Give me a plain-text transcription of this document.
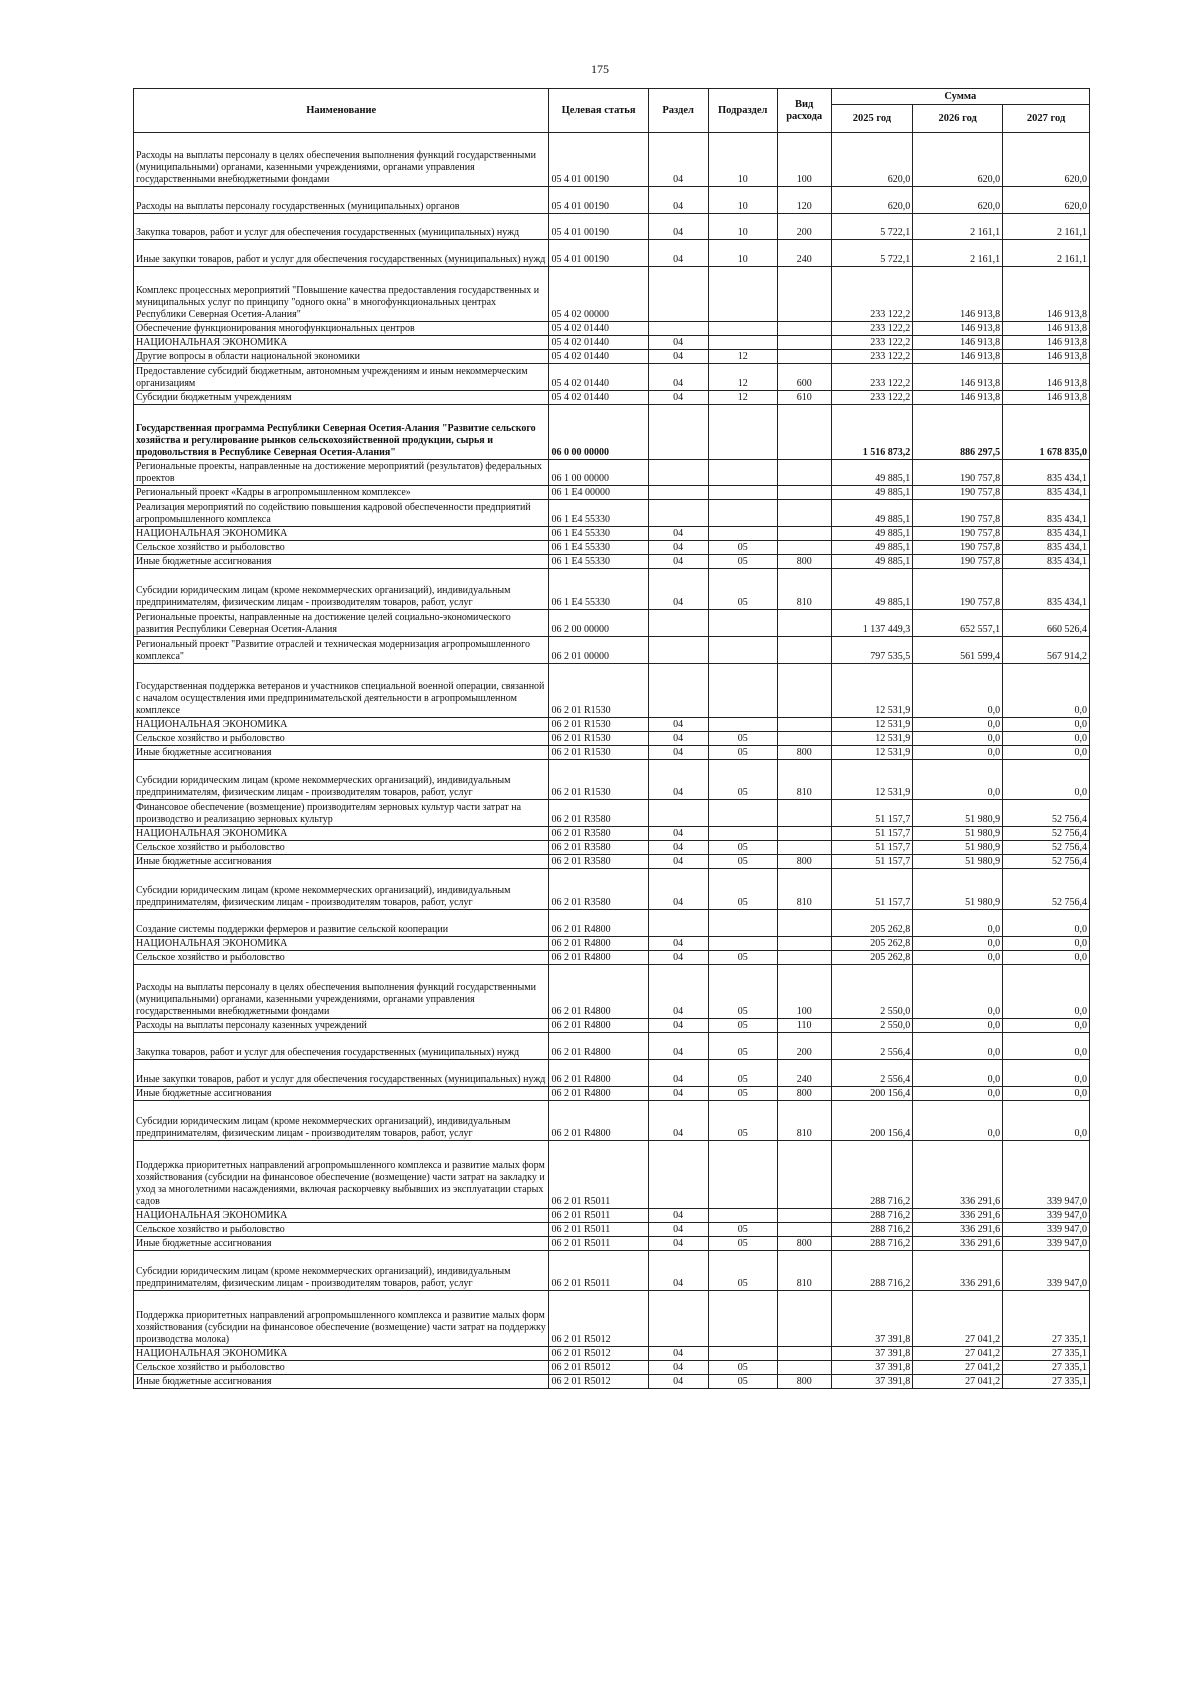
175
Наименование	Целевая статья	Раздел	Подраздел	Вид расхода	Сумма		
					2025 год	2026 год	2027 год
Расходы на выплаты персоналу в целях обеспечения выполнения функций государственными (муниципальными) органами, казенными учреждениями, органами управления государственными внебюджетными фондами	05 4 01 00190	04	10	100	620,0	620,0	620,0
Расходы на выплаты персоналу государственных (муниципальных) органов	05 4 01 00190	04	10	120	620,0	620,0	620,0
Закупка товаров, работ и услуг для обеспечения государственных (муниципальных) нужд	05 4 01 00190	04	10	200	5 722,1	2 161,1	2 161,1
Иные закупки товаров, работ и услуг для обеспечения государственных (муниципальных) нужд	05 4 01 00190	04	10	240	5 722,1	2 161,1	2 161,1
Комплекс процессных мероприятий "Повышение качества предоставления государственных и муниципальных услуг по принципу "одного окна" в многофункциональных центрах Республики Северная Осетия-Алания"	05 4 02 00000				233 122,2	146 913,8	146 913,8
Обеспечение функционирования многофункциональных центров	05 4 02 01440				233 122,2	146 913,8	146 913,8
НАЦИОНАЛЬНАЯ ЭКОНОМИКА	05 4 02 01440	04			233 122,2	146 913,8	146 913,8
Другие вопросы в области национальной экономики	05 4 02 01440	04	12		233 122,2	146 913,8	146 913,8
Предоставление субсидий бюджетным, автономным учреждениям и иным некоммерческим организациям	05 4 02 01440	04	12	600	233 122,2	146 913,8	146 913,8
Субсидии бюджетным учреждениям	05 4 02 01440	04	12	610	233 122,2	146 913,8	146 913,8
Государственная программа Республики Северная Осетия-Алания "Развитие сельского хозяйства и регулирование рынков сельскохозяйственной продукции, сырья и продовольствия в Республике Северная Осетия-Алания"	06 0 00 00000				1 516 873,2	886 297,5	1 678 835,0
Региональные проекты, направленные на достижение мероприятий (результатов) федеральных проектов	06 1 00 00000				49 885,1	190 757,8	835 434,1
Региональный проект «Кадры в агропромышленном комплексе»	06 1 E4 00000				49 885,1	190 757,8	835 434,1
Реализация мероприятий по содействию повышения кадровой обеспеченности предприятий агропромышленного комплекса	06 1 E4 55330				49 885,1	190 757,8	835 434,1
НАЦИОНАЛЬНАЯ ЭКОНОМИКА	06 1 E4 55330	04			49 885,1	190 757,8	835 434,1
Сельское хозяйство и рыболовство	06 1 E4 55330	04	05		49 885,1	190 757,8	835 434,1
Иные бюджетные ассигнования	06 1 E4 55330	04	05	800	49 885,1	190 757,8	835 434,1
Субсидии юридическим лицам (кроме некоммерческих организаций), индивидуальным предпринимателям, физическим лицам - производителям товаров, работ, услуг	06 1 E4 55330	04	05	810	49 885,1	190 757,8	835 434,1
Региональные проекты, направленные на достижение целей социально-экономического развития Республики Северная Осетия-Алания	06 2 00 00000				1 137 449,3	652 557,1	660 526,4
Региональный проект "Развитие отраслей и техническая модернизация агропромышленного комплекса"	06 2 01 00000				797 535,5	561 599,4	567 914,2
Государственная поддержка ветеранов и участников специальной военной операции, связанной с началом осуществления ими предпринимательской деятельности в агропромышленном комплексе	06 2 01 R1530				12 531,9	0,0	0,0
НАЦИОНАЛЬНАЯ ЭКОНОМИКА	06 2 01 R1530	04			12 531,9	0,0	0,0
Сельское хозяйство и рыболовство	06 2 01 R1530	04	05		12 531,9	0,0	0,0
Иные бюджетные ассигнования	06 2 01 R1530	04	05	800	12 531,9	0,0	0,0
Субсидии юридическим лицам (кроме некоммерческих организаций), индивидуальным предпринимателям, физическим лицам - производителям товаров, работ, услуг	06 2 01 R1530	04	05	810	12 531,9	0,0	0,0
Финансовое обеспечение (возмещение) производителям зерновых культур части затрат на производство и реализацию зерновых культур	06 2 01 R3580				51 157,7	51 980,9	52 756,4
НАЦИОНАЛЬНАЯ ЭКОНОМИКА	06 2 01 R3580	04			51 157,7	51 980,9	52 756,4
Сельское хозяйство и рыболовство	06 2 01 R3580	04	05		51 157,7	51 980,9	52 756,4
Иные бюджетные ассигнования	06 2 01 R3580	04	05	800	51 157,7	51 980,9	52 756,4
Субсидии юридическим лицам (кроме некоммерческих организаций), индивидуальным предпринимателям, физическим лицам - производителям товаров, работ, услуг	06 2 01 R3580	04	05	810	51 157,7	51 980,9	52 756,4
Создание системы поддержки фермеров и развитие сельской кооперации	06 2 01 R4800				205 262,8	0,0	0,0
НАЦИОНАЛЬНАЯ ЭКОНОМИКА	06 2 01 R4800	04			205 262,8	0,0	0,0
Сельское хозяйство и рыболовство	06 2 01 R4800	04	05		205 262,8	0,0	0,0
Расходы на выплаты персоналу в целях обеспечения выполнения функций государственными (муниципальными) органами, казенными учреждениями, органами управления государственными внебюджетными фондами	06 2 01 R4800	04	05	100	2 550,0	0,0	0,0
Расходы на выплаты персоналу казенных учреждений	06 2 01 R4800	04	05	110	2 550,0	0,0	0,0
Закупка товаров, работ и услуг для обеспечения государственных (муниципальных) нужд	06 2 01 R4800	04	05	200	2 556,4	0,0	0,0
Иные закупки товаров, работ и услуг для обеспечения государственных (муниципальных) нужд	06 2 01 R4800	04	05	240	2 556,4	0,0	0,0
Иные бюджетные ассигнования	06 2 01 R4800	04	05	800	200 156,4	0,0	0,0
Субсидии юридическим лицам (кроме некоммерческих организаций), индивидуальным предпринимателям, физическим лицам - производителям товаров, работ, услуг	06 2 01 R4800	04	05	810	200 156,4	0,0	0,0
Поддержка приоритетных направлений агропромышленного комплекса и развитие малых форм хозяйствования (субсидии на финансовое обеспечение (возмещение) части затрат на закладку и уход за многолетними насаждениями, включая раскорчевку выбывших из эксплуатации старых садов	06 2 01 R5011				288 716,2	336 291,6	339 947,0
НАЦИОНАЛЬНАЯ ЭКОНОМИКА	06 2 01 R5011	04			288 716,2	336 291,6	339 947,0
Сельское хозяйство и рыболовство	06 2 01 R5011	04	05		288 716,2	336 291,6	339 947,0
Иные бюджетные ассигнования	06 2 01 R5011	04	05	800	288 716,2	336 291,6	339 947,0
Субсидии юридическим лицам (кроме некоммерческих организаций), индивидуальным предпринимателям, физическим лицам - производителям товаров, работ, услуг	06 2 01 R5011	04	05	810	288 716,2	336 291,6	339 947,0
Поддержка приоритетных направлений агропромышленного комплекса и развитие малых форм хозяйствования (субсидии на финансовое обеспечение (возмещение) части затрат на поддержку производства молока)	06 2 01 R5012				37 391,8	27 041,2	27 335,1
НАЦИОНАЛЬНАЯ ЭКОНОМИКА	06 2 01 R5012	04			37 391,8	27 041,2	27 335,1
Сельское хозяйство и рыболовство	06 2 01 R5012	04	05		37 391,8	27 041,2	27 335,1
Иные бюджетные ассигнования	06 2 01 R5012	04	05	800	37 391,8	27 041,2	27 335,1
